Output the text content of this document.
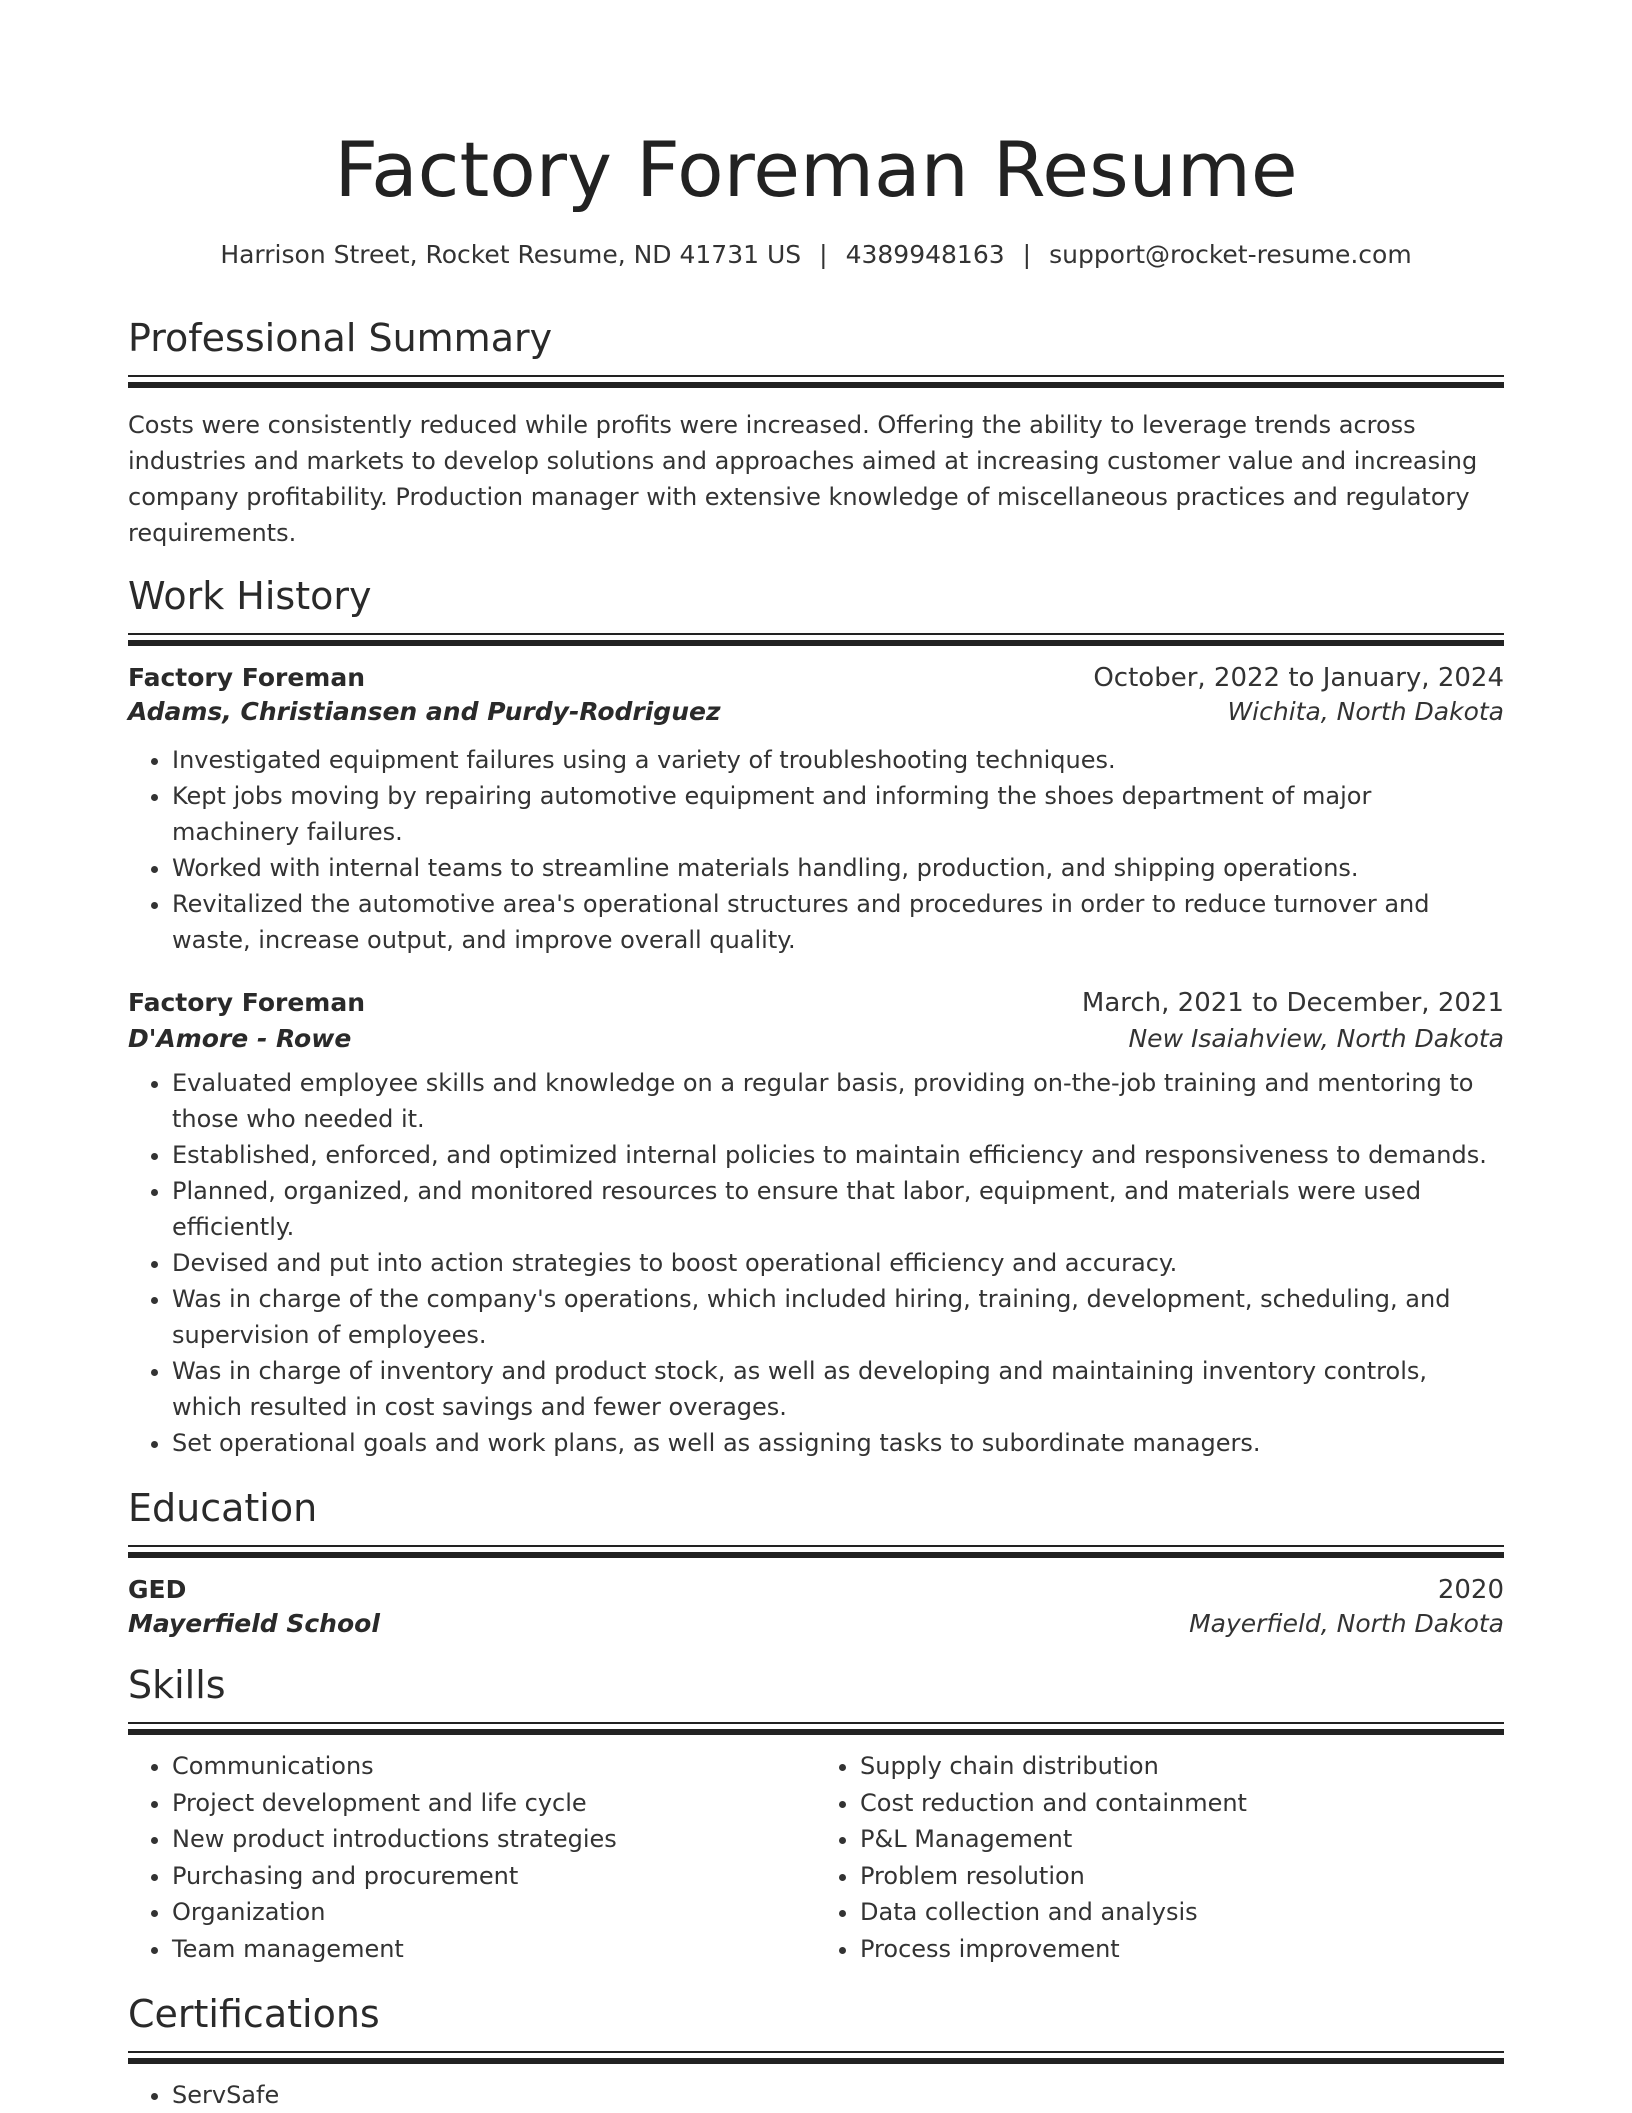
Factory Foreman Resume
Harrison Street, Rocket Resume, ND 41731 US | 4389948163 | support@rocket-resume.com
Professional Summary

Costs were consistently reduced while profits were increased. Offering the ability to leverage trends across industries and markets to develop solutions and approaches aimed at increasing customer value and increasing company profitability. Production manager with extensive knowledge of miscellaneous practices and regulatory requirements.

Work History
Factory Foreman	October, 2022 to January, 2024
Adams, Christiansen and Purdy-Rodriguez	Wichita, North Dakota
• Investigated equipment failures using a variety of troubleshooting techniques.
• Kept jobs moving by repairing automotive equipment and informing the shoes department of major machinery failures.
• Worked with internal teams to streamline materials handling, production, and shipping operations.
• Revitalized the automotive area's operational structures and procedures in order to reduce turnover and waste, increase output, and improve overall quality.
Factory Foreman	March, 2021 to December, 2021
D'Amore - Rowe	New Isaiahview, North Dakota
• Evaluated employee skills and knowledge on a regular basis, providing on-the-job training and mentoring to those who needed it.
• Established, enforced, and optimized internal policies to maintain efficiency and responsiveness to demands.
• Planned, organized, and monitored resources to ensure that labor, equipment, and materials were used efficiently.
• Devised and put into action strategies to boost operational efficiency and accuracy.
• Was in charge of the company's operations, which included hiring, training, development, scheduling, and supervision of employees.
• Was in charge of inventory and product stock, as well as developing and maintaining inventory controls, which resulted in cost savings and fewer overages.
• Set operational goals and work plans, as well as assigning tasks to subordinate managers.
Education
GED	2020
Mayerfield School	Mayerfield, North Dakota
Skills
• Communications
• Project development and life cycle
• New product introductions strategies
• Purchasing and procurement
• Organization
• Team management
• Supply chain distribution
• Cost reduction and containment
• P&L Management
• Problem resolution
• Data collection and analysis
• Process improvement
Certifications
• ServSafe
